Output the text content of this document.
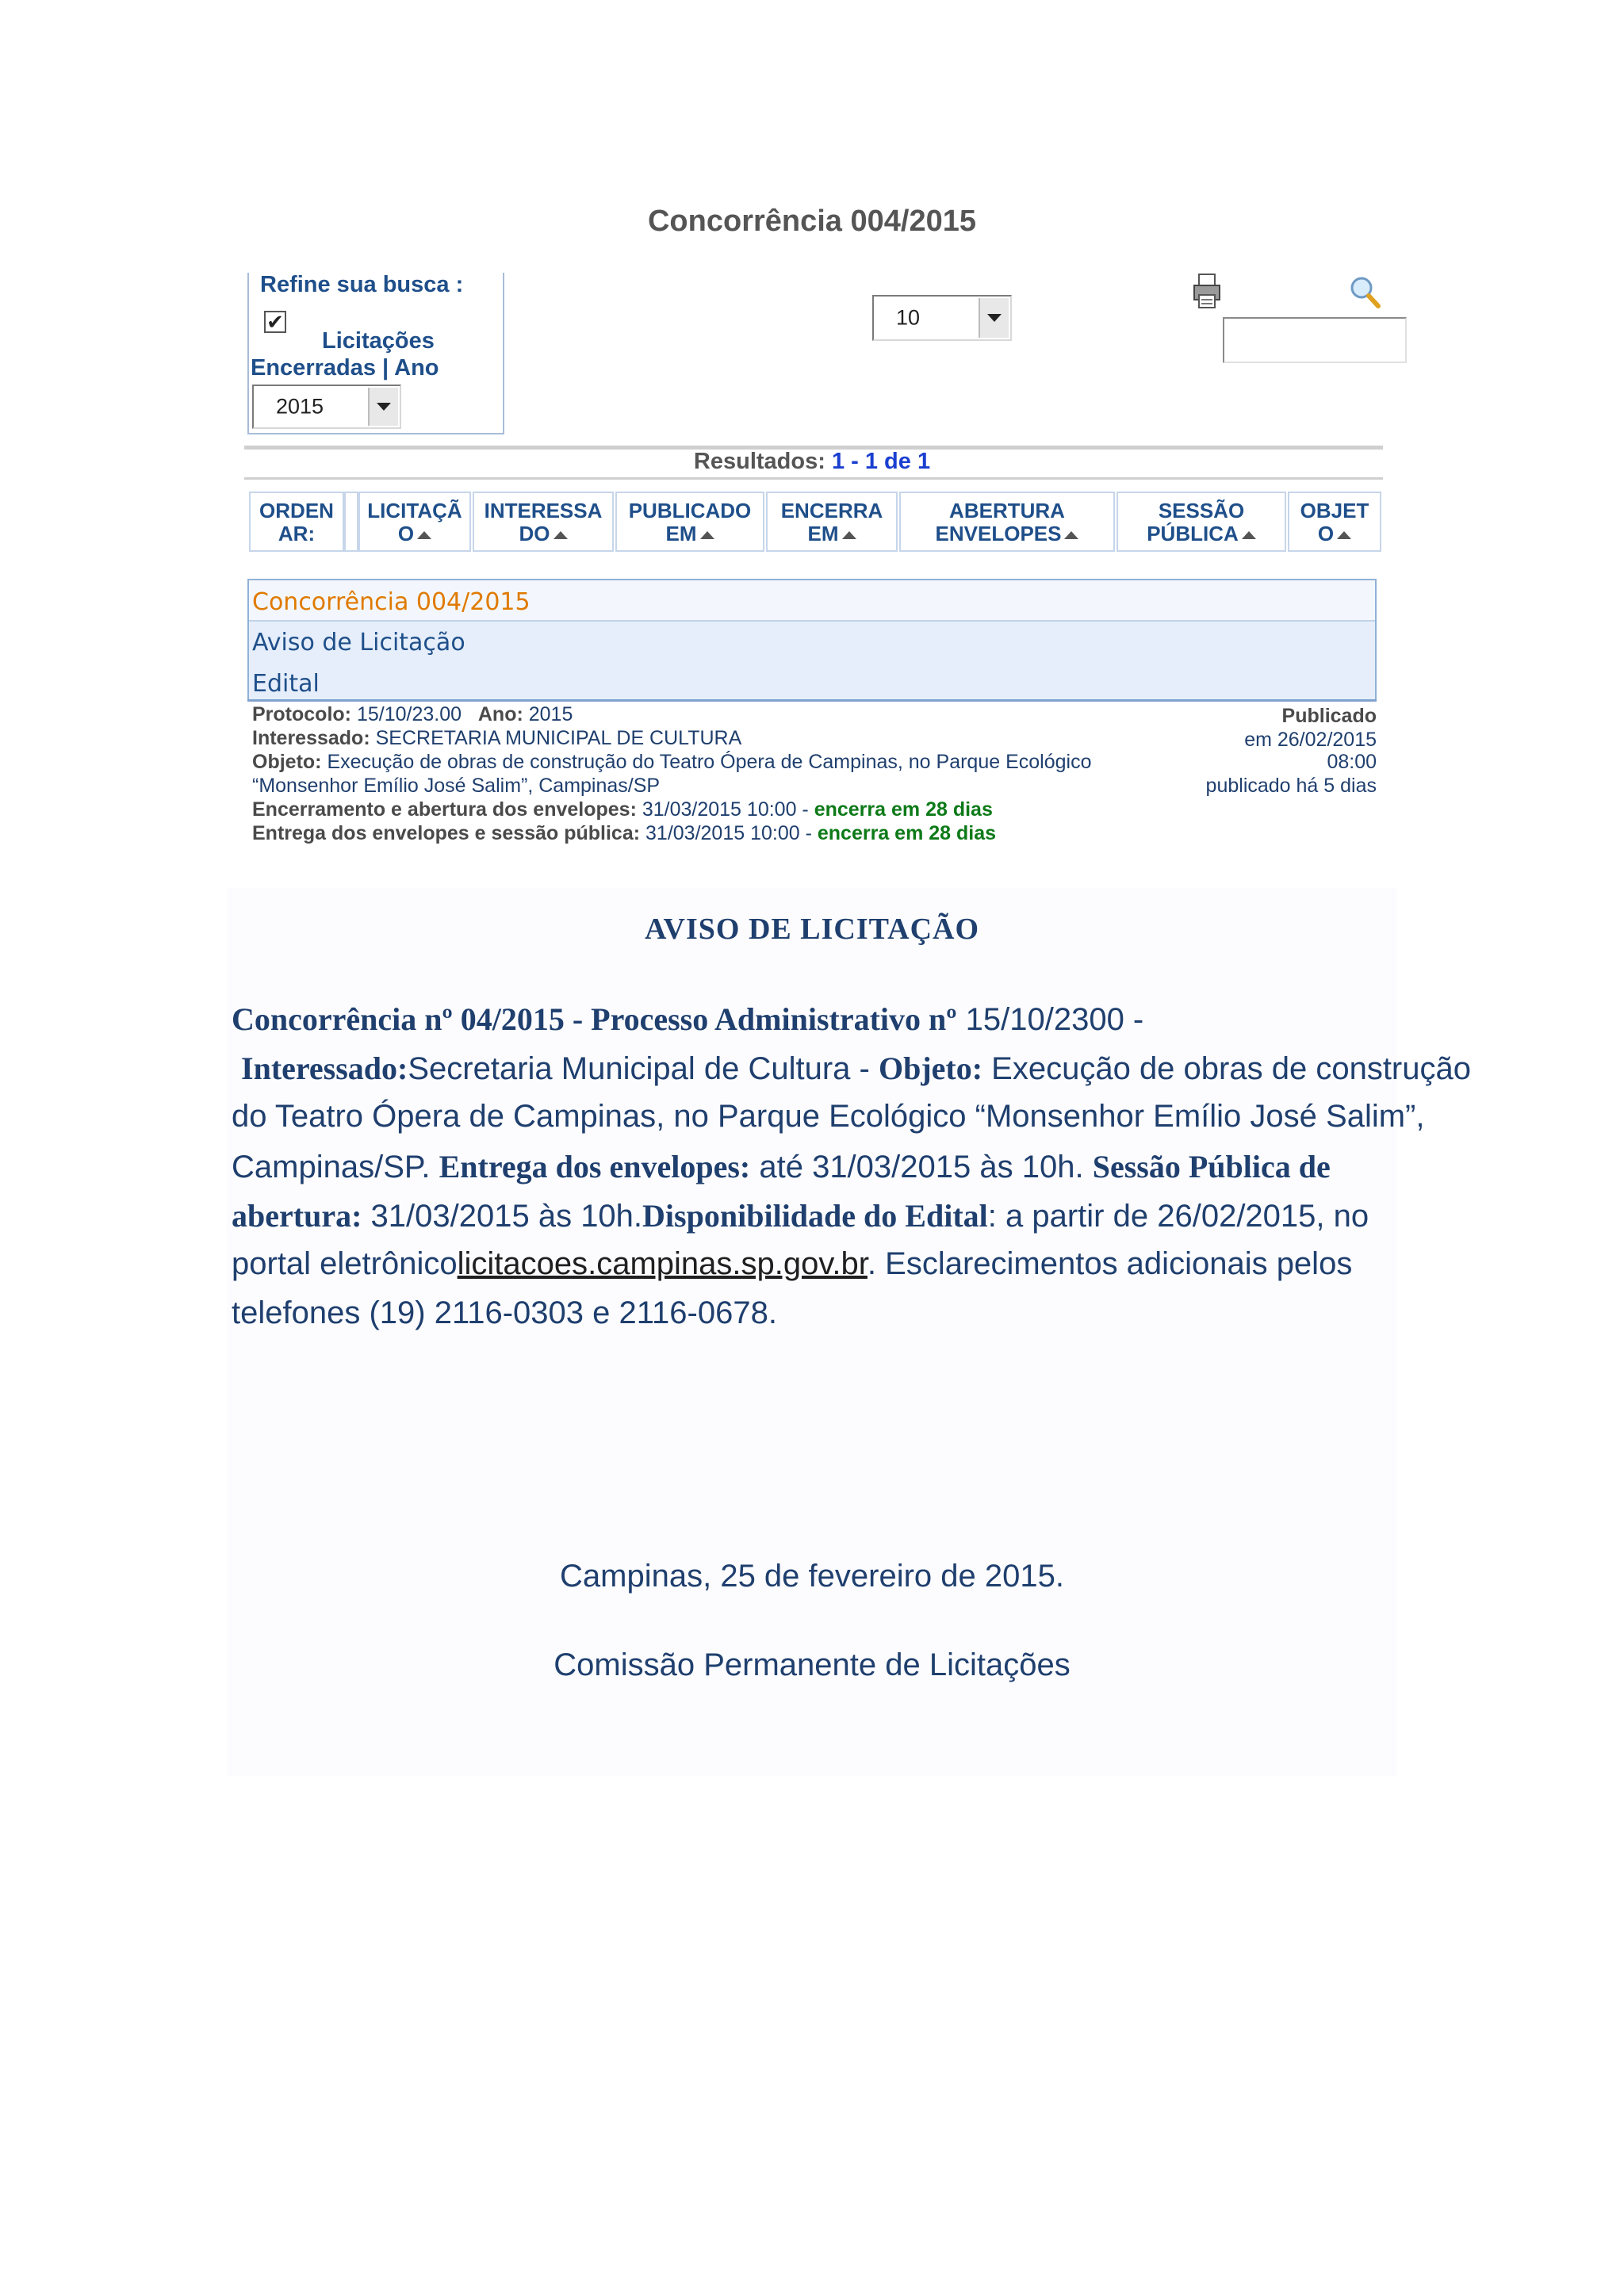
Concorrência 004/2015
Refine sua busca :
✔
Licitações
Encerradas | Ano
2015
10
Resultados: 1 - 1 de 1
ORDEN
AR:
LICITAÇÃ
O
INTERESSA
DO
PUBLICADO
EM
ENCERRA
EM
ABERTURA
ENVELOPES
SESSÃO
PÚBLICA
OBJET
O
Concorrência 004/2015
Aviso de Licitação
Edital
Protocolo: 15/10/23.00 Ano: 2015
Interessado: SECRETARIA MUNICIPAL DE CULTURA
Objeto: Execução de obras de construção do Teatro Ópera de Campinas, no Parque Ecológico
“Monsenhor Emílio José Salim”, Campinas/SP
Encerramento e abertura dos envelopes: 31/03/2015 10:00 - encerra em 28 dias
Entrega dos envelopes e sessão pública: 31/03/2015 10:00 - encerra em 28 dias
Publicado
em 26/02/2015
08:00
publicado há 5 dias
AVISO DE LICITAÇÃO
Concorrência nº 04/2015 - Processo Administrativo nº 15/10/2300 -
Interessado:Secretaria Municipal de Cultura - Objeto: Execução de obras de construção
do Teatro Ópera de Campinas, no Parque Ecológico “Monsenhor Emílio José Salim”,
Campinas/SP. Entrega dos envelopes: até 31/03/2015 às 10h. Sessão Pública de
abertura: 31/03/2015 às 10h.Disponibilidade do Edital: a partir de 26/02/2015, no
portal eletrônicolicitacoes.campinas.sp.gov.br. Esclarecimentos adicionais pelos
telefones (19) 2116-0303 e 2116-0678.
Campinas, 25 de fevereiro de 2015.
Comissão Permanente de Licitações
